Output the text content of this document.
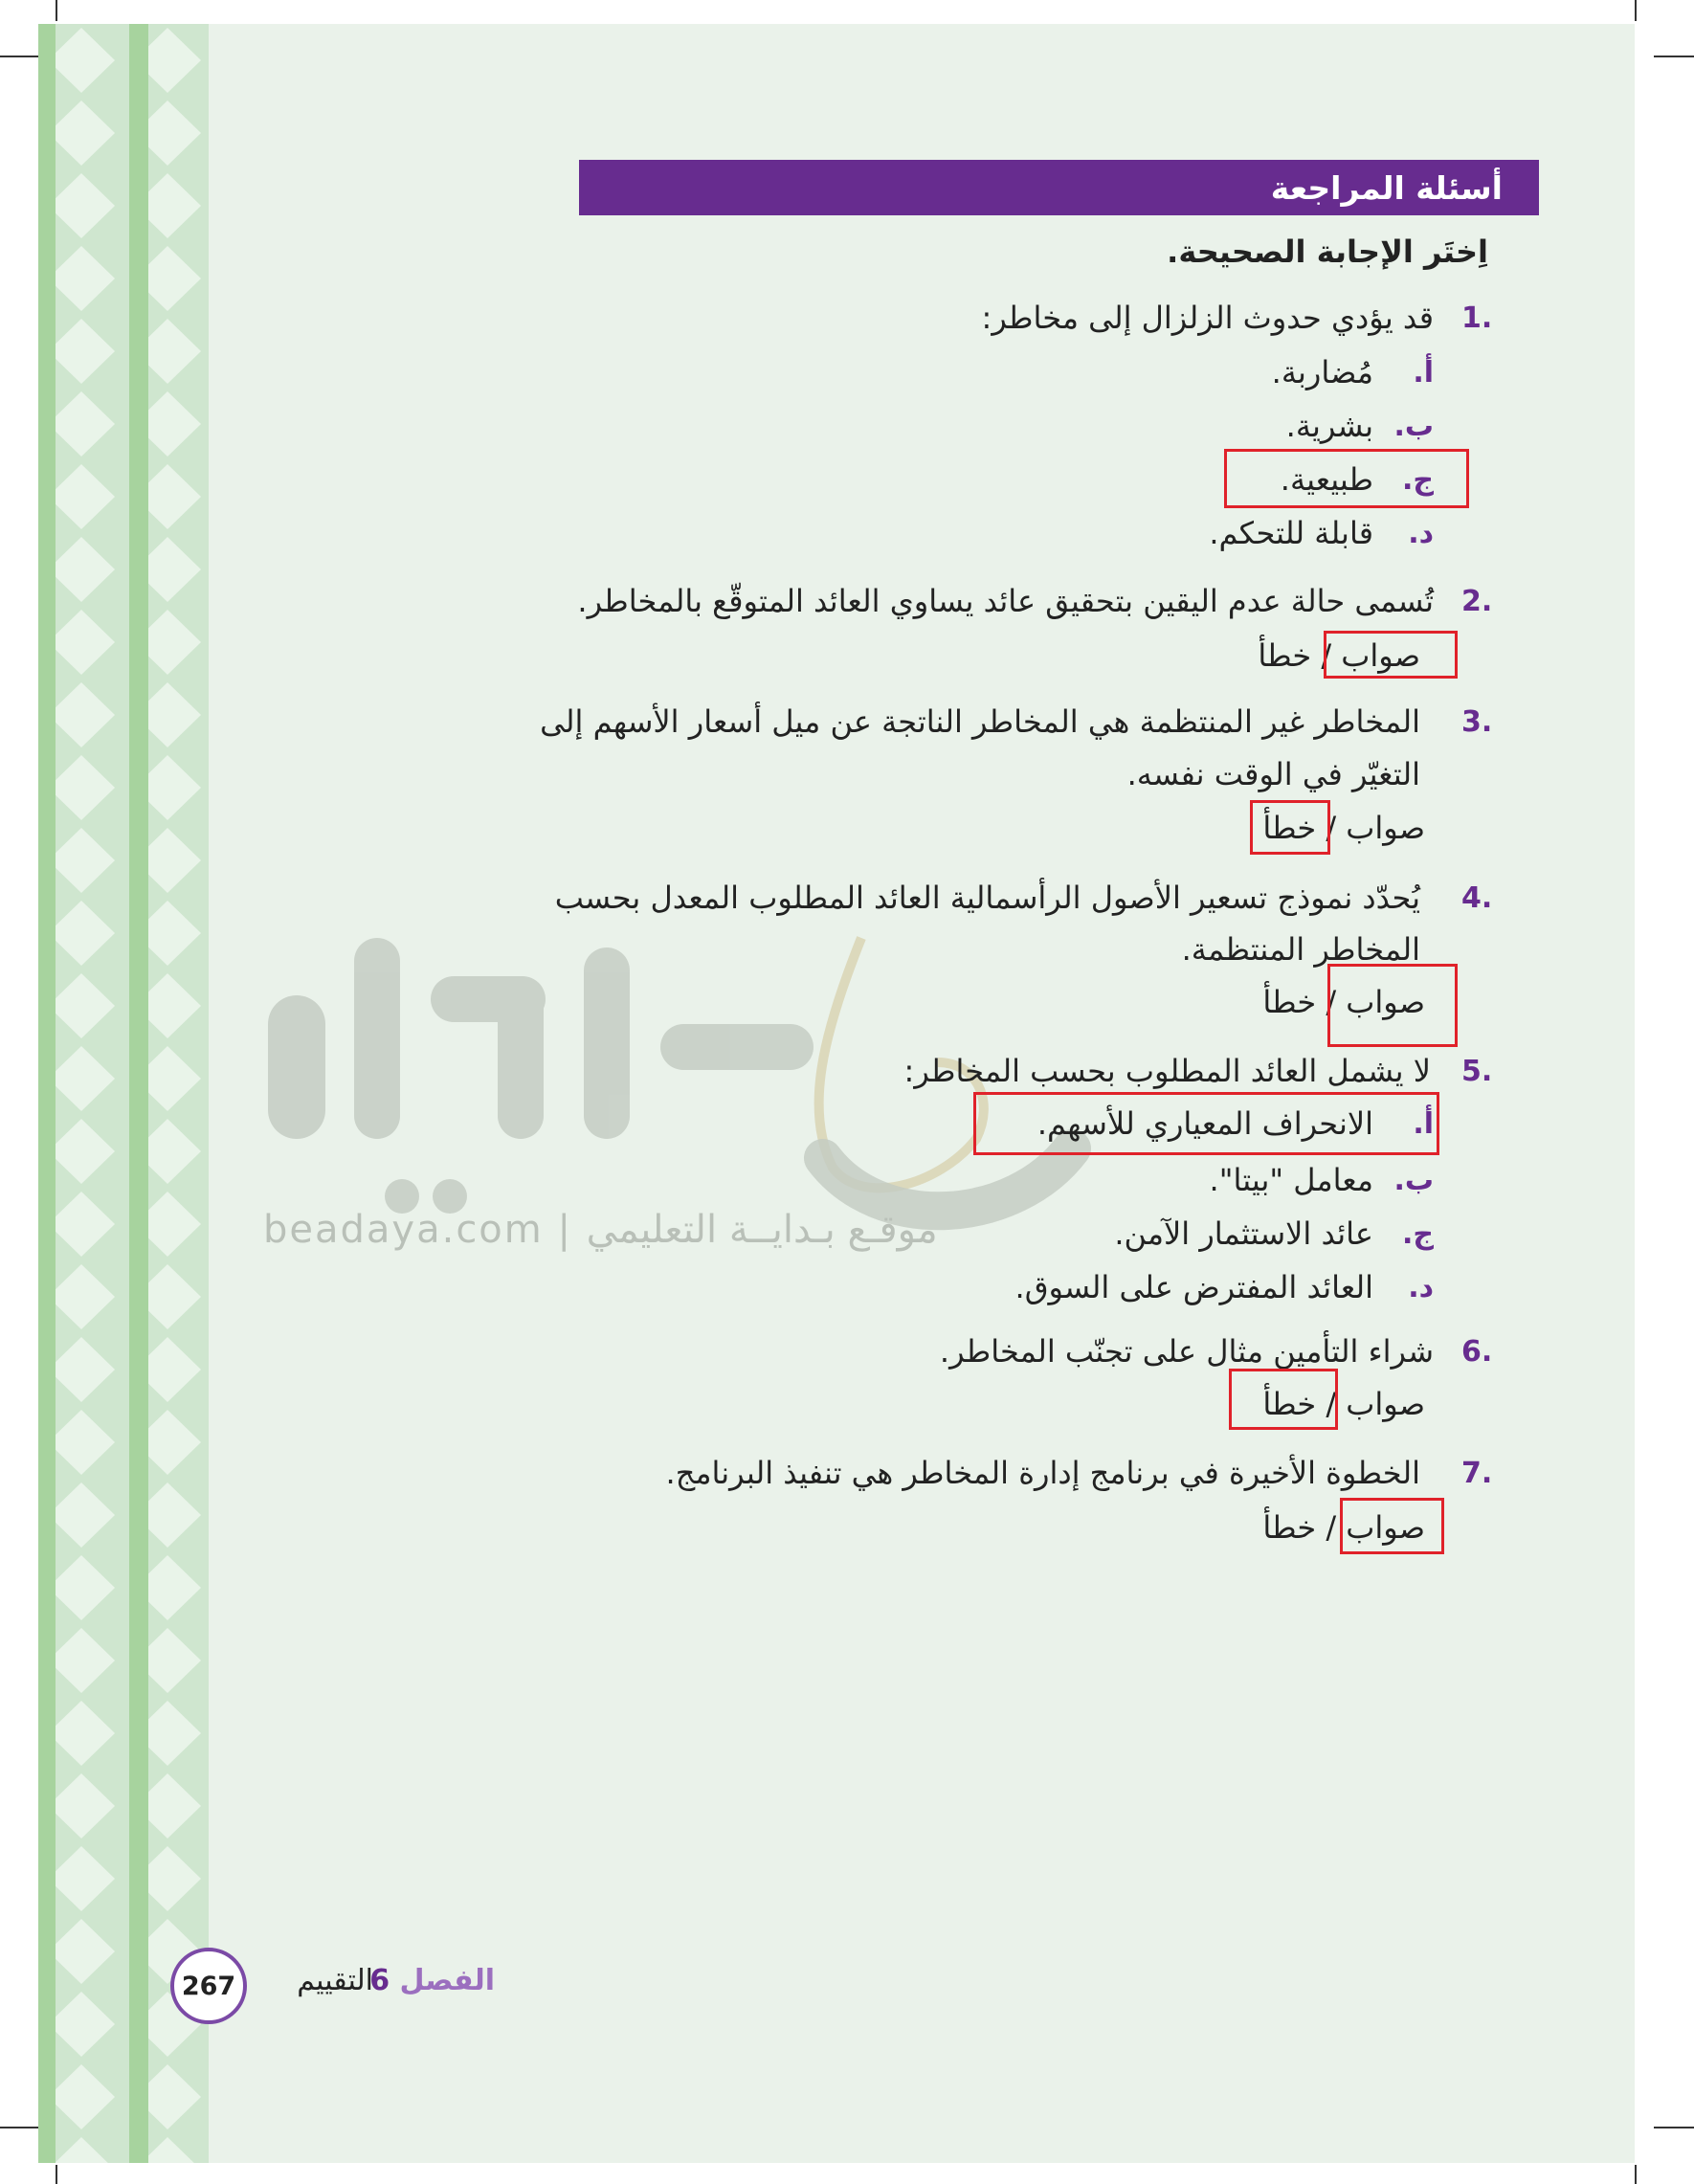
beadaya.com | موقـع بـدايــة التعليمي
أسئلة المراجعة
اِختَر الإجابة الصحيحة.
1.
قد يؤدي حدوث الزلزال إلى مخاطر:
أ.
مُضاربة.
ب.
بشرية.
ج.
طبيعية.
د.
قابلة للتحكم.
2.
تُسمى حالة عدم اليقين بتحقيق عائد يساوي العائد المتوقّع بالمخاطر.
صواب / خطأ
3.
المخاطر غير المنتظمة هي المخاطر الناتجة عن ميل أسعار الأسهم إلى
التغيّر في الوقت نفسه.
صواب / خطأ
4.
يُحدّد نموذج تسعير الأصول الرأسمالية العائد المطلوب المعدل بحسب
المخاطر المنتظمة.
صواب / خطأ
5.
لا يشمل العائد المطلوب بحسب المخاطر:
أ.
الانحراف المعياري للأسهم.
ب.
معامل "بيتا".
ج.
عائد الاستثمار الآمن.
د.
العائد المفترض على السوق.
6.
شراء التأمين مثال على تجنّب المخاطر.
صواب / خطأ
7.
الخطوة الأخيرة في برنامج إدارة المخاطر هي تنفيذ البرنامج.
صواب / خطأ
الفصل 6
التقييم
267
